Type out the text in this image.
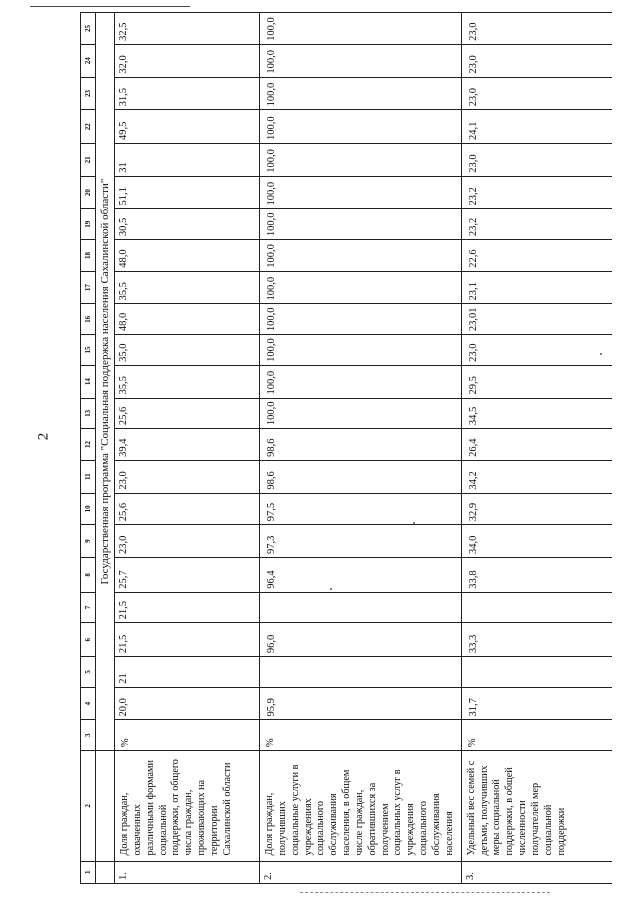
2
1	2	3	4	5	6	7	8	9	10	11	12	13	14	15	16	17	18	19	20	21	22	23	24	25
		Государственная программа "Социальная поддержка населения Сахалинской области"																						
1.	Доля граждан, охваченных различными формами социальной поддержки, от общего числа граждан, проживающих на территории Сахалинской области	%	20,0	21	21,5	21,5	25,7	23,0	25,6	23,0	39,4	25,6	35,5	35,0	48,0	35,5	48,0	30,5	51,1	31	49,5	31,5	32,0	32,5
2.	Доля граждан, получивших социальные услуги в учреждениях социального обслуживания населения, в общем числе граждан, обратившихся за получением социальных услуг в учреждения социального обслуживания населения	%	95,9		96,0		96,4	97,3	97,5	98,6	98,6	100,0	100,0	100,0	100,0	100,0	100,0	100,0	100,0	100,0	100,0	100,0	100,0	100,0
3.	Удельный вес семей с детьми, получивших меры социальной поддержки, в общей численности получателей мер социальной поддержки	%	31,7		33,3		33,8	34,0	32,9	34,2	26,4	34,5	29,5	23,0	23,01	23,1	22,6	23,2	23,2	23,0	24,1	23,0	23,0	23,0
